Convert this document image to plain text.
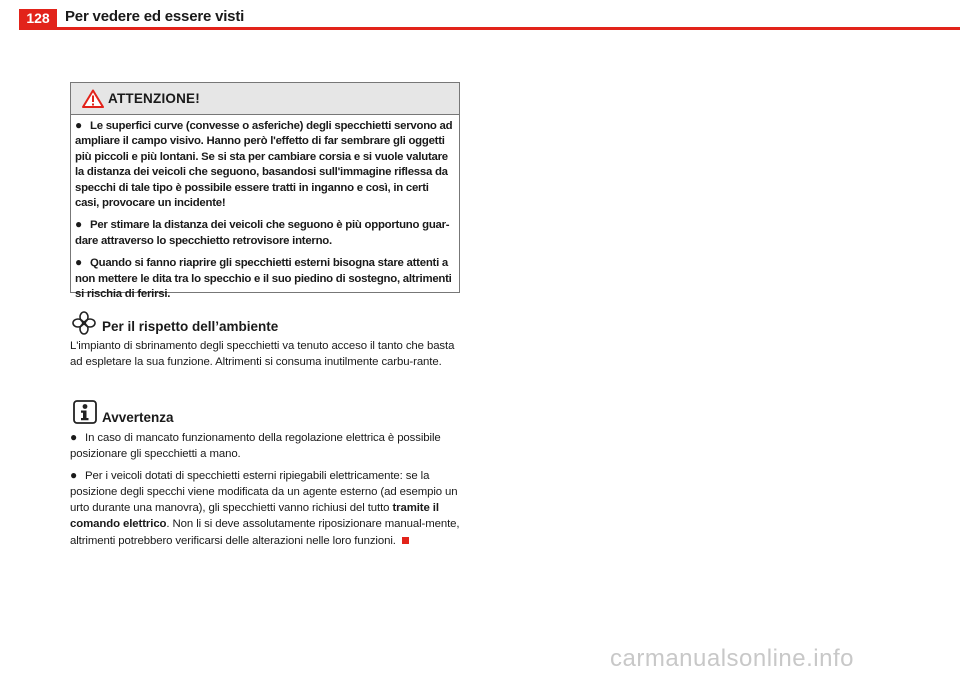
128	Per vedere ed essere visti
ATTENZIONE!

● Le superfici curve (convesse o asferiche) degli specchietti servono ad ampliare il campo visivo. Hanno però l'effetto di far sembrare gli oggetti più piccoli e più lontani. Se si sta per cambiare corsia e si vuole valutare la distanza dei veicoli che seguono, basandosi sull'immagine riflessa da specchi di tale tipo è possibile essere tratti in inganno e così, in certi casi, provocare un incidente!

● Per stimare la distanza dei veicoli che seguono è più opportuno guar-dare attraverso lo specchietto retrovisore interno.

● Quando si fanno riaprire gli specchietti esterni bisogna stare attenti a non mettere le dita tra lo specchio e il suo piedino di sostegno, altrimenti si rischia di ferirsi.

Per il rispetto dell’ambiente

L'impianto di sbrinamento degli specchietti va tenuto acceso il tanto che basta ad espletare la sua funzione. Altrimenti si consuma inutilmente carbu-rante.

Avvertenza

● In caso di mancato funzionamento della regolazione elettrica è possibile posizionare gli specchietti a mano.

● Per i veicoli dotati di specchietti esterni ripiegabili elettricamente: se la posizione degli specchi viene modificata da un agente esterno (ad esempio un urto durante una manovra), gli specchietti vanno richiusi del tutto tramite il comando elettrico. Non li si deve assolutamente riposizionare manual-mente, altrimenti potrebbero verificarsi delle alterazioni nelle loro funzioni.

carmanualsonline.info
